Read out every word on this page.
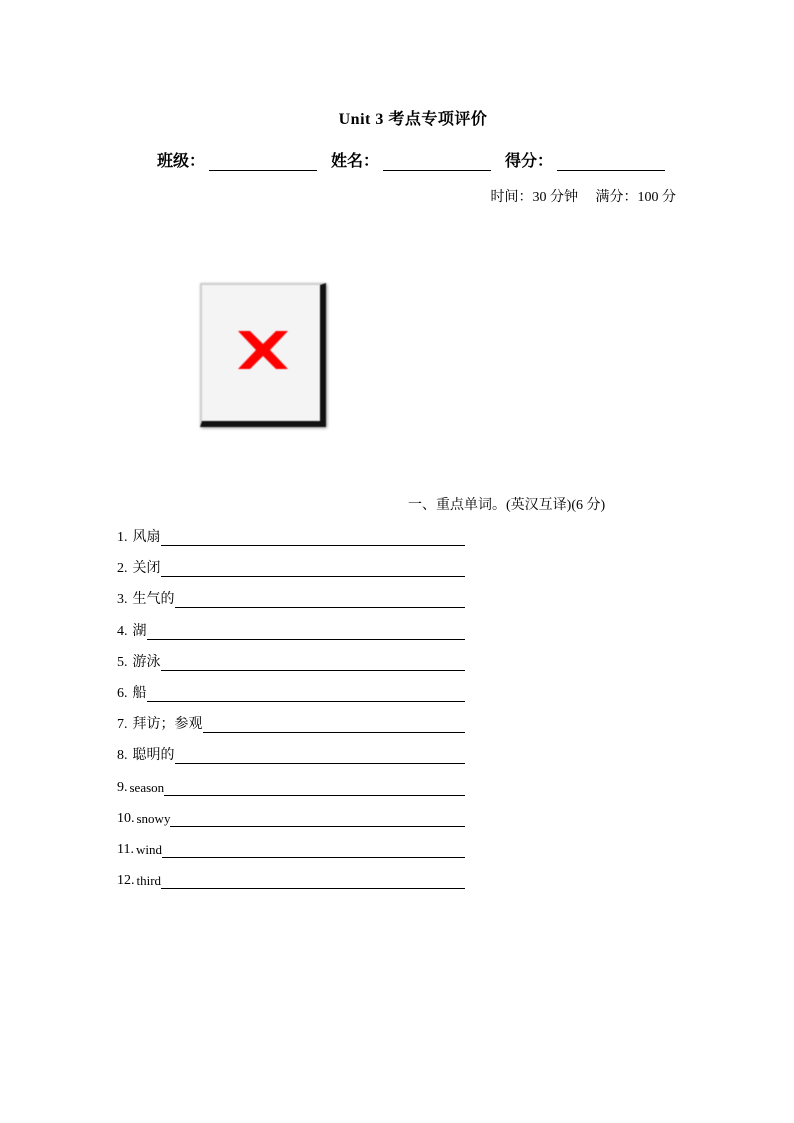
Unit 3 考点专项评价
班级：	姓名：	得分：
时间：30 分钟 满分：100 分
一、重点单词。(英汉互译)(6 分)
1. 风扇
2. 关闭
3. 生气的
4. 湖
5. 游泳
6. 船
7. 拜访；参观
8. 聪明的
9. season
10. snowy
11. wind
12. third
